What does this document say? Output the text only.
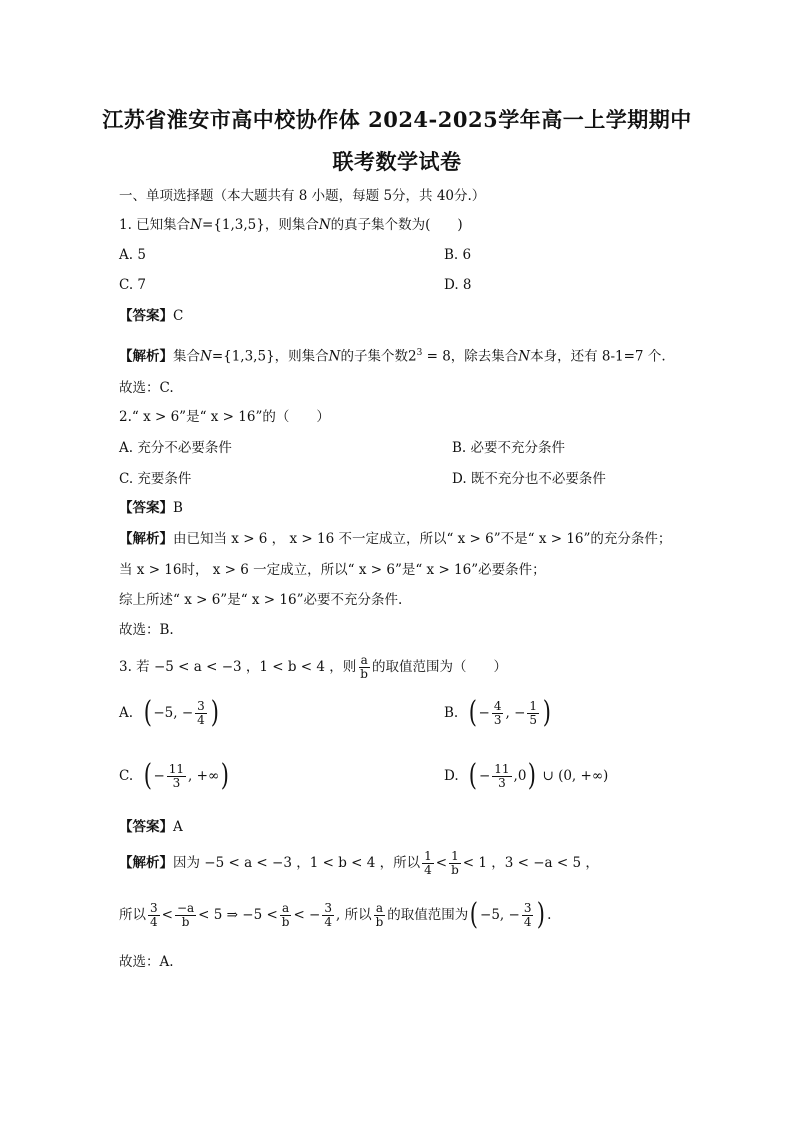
江苏省淮安市高中校协作体 2024-2025学年高一上学期期中
联考数学试卷
一、单项选择题（本大题共有 8 小题，每题 5分，共 40分.）
1. 已知集合N={1,3,5}，则集合N的真子集个数为(　　)
A. 5	B. 6
C. 7	D. 8
【答案】C
【解析】集合N={1,3,5}，则集合N的子集个数$2^3 = 8$，除去集合N本身，还有 8-1=7 个.
故选：C.
2.“ x > 6”是“ x > 16”的（　　）
A. 充分不必要条件	B. 必要不充分条件
C. 充要条件	D. 既不充分也不必要条件
【答案】B
【解析】由已知当 x > 6 ， x > 16 不一定成立，所以“ x > 6”不是“ x > 16”的充分条件；
当 x > 16时， x > 6 一定成立，所以“ x > 6”是“ x > 16”必要条件；
综上所述“ x > 6”是“ x > 16”必要不充分条件.
故选：B.
3. 若 −5 < a < −3 ，1 < b < 4 ，则 $\frac{a}{b}$ 的取值范围为（　　）
A.
( −5, − $\frac{3}{4}$ )	B.
( − $\frac{4}{3}$ , − $\frac{1}{5}$ )
C.
( − $\frac{11}{3}$ , +∞ )	D.
( − $\frac{11}{3} ,0$ )
∪
(0, +∞)
【答案】A
【解析】 因为 −5 < a < −3 ，1 < b < 4 ，所以 $\frac{1}{4} < \frac{1}{b} < 1$ ，3 < −a < 5 ，
所以 $\frac{3}{4} < \frac{-a}{b} < 5$ ⇒ $-5 < \frac{a}{b}$ < − $\frac{3}{4}$ , 所以 $\frac{a}{b}$ 的取值范围为 ( −5, − $\frac{3}{4}$ ) .
故选：A.
